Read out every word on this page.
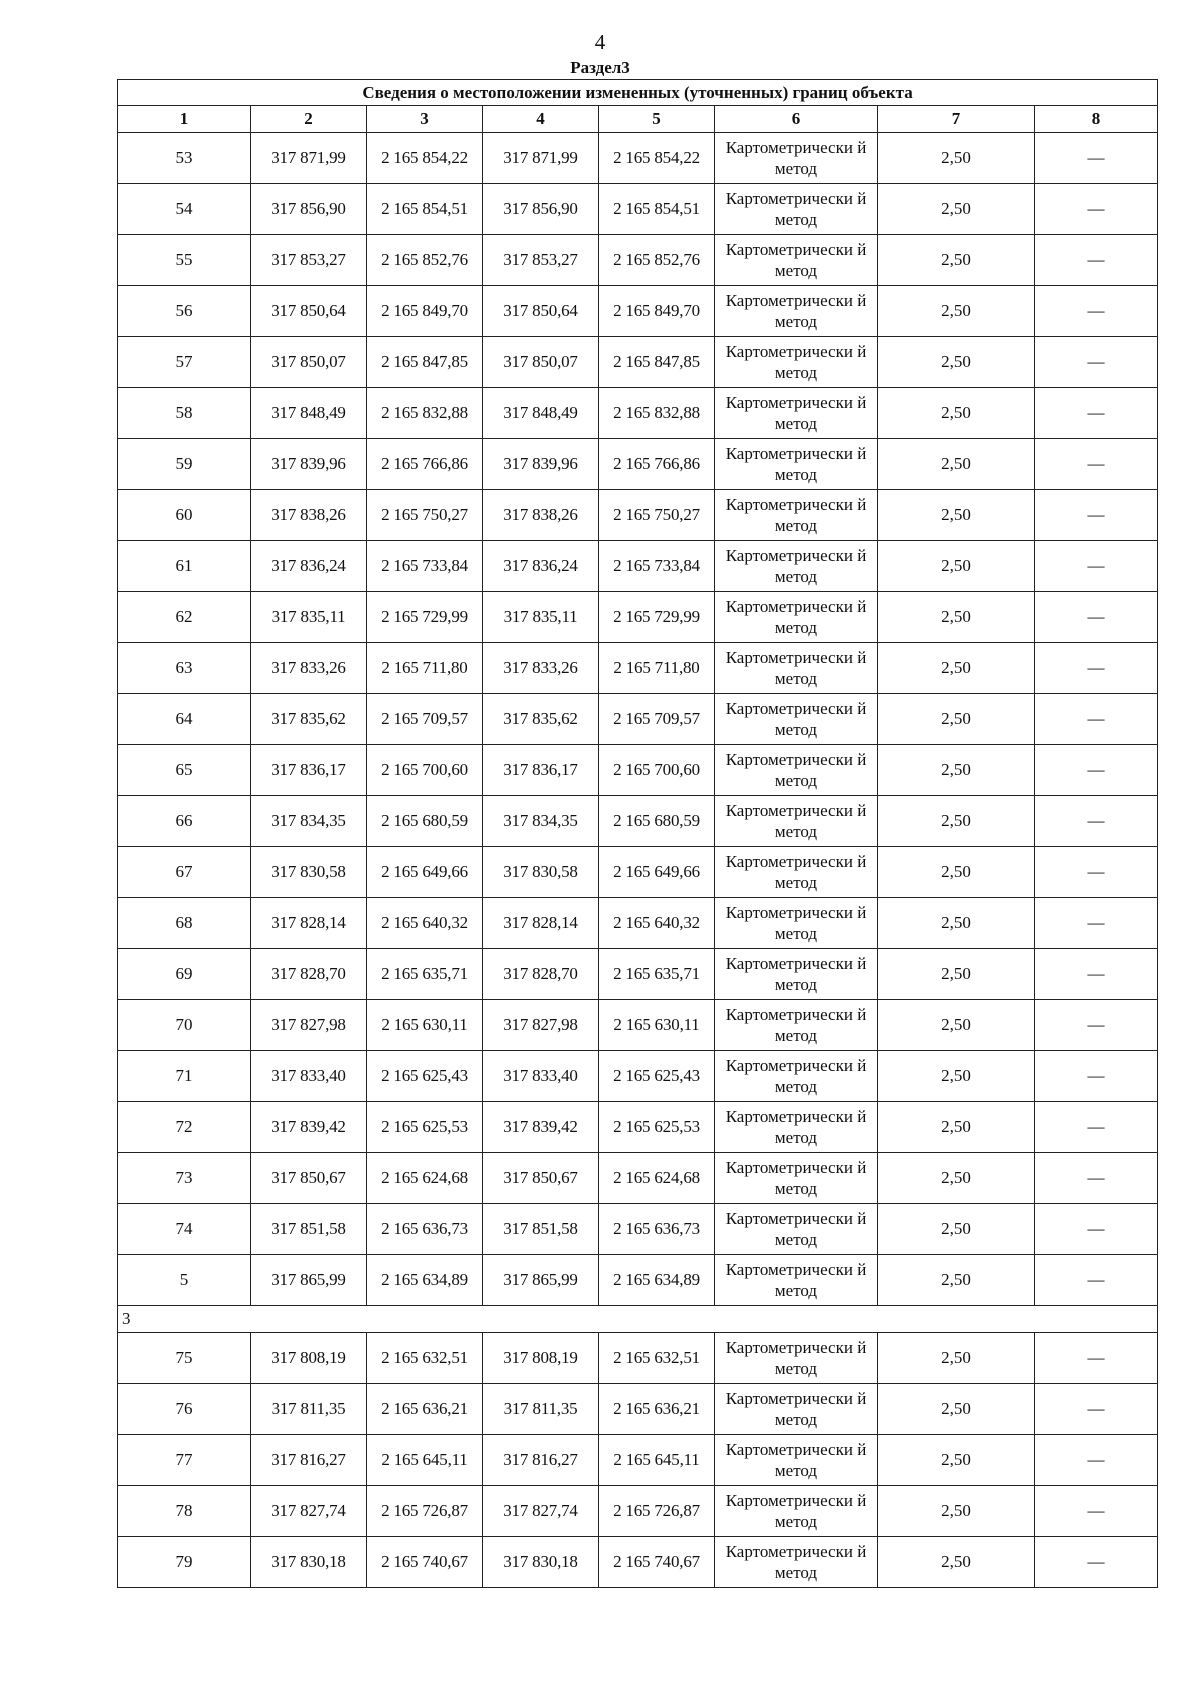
4
Раздел3
Сведения о местоположении измененных (уточненных) границ объекта							
1	2	3	4	5	6	7	8
53	317 871,99	2 165 854,22	317 871,99	2 165 854,22	Картометрически й метод	2,50	—
54	317 856,90	2 165 854,51	317 856,90	2 165 854,51	Картометрически й метод	2,50	—
55	317 853,27	2 165 852,76	317 853,27	2 165 852,76	Картометрически й метод	2,50	—
56	317 850,64	2 165 849,70	317 850,64	2 165 849,70	Картометрически й метод	2,50	—
57	317 850,07	2 165 847,85	317 850,07	2 165 847,85	Картометрически й метод	2,50	—
58	317 848,49	2 165 832,88	317 848,49	2 165 832,88	Картометрически й метод	2,50	—
59	317 839,96	2 165 766,86	317 839,96	2 165 766,86	Картометрически й метод	2,50	—
60	317 838,26	2 165 750,27	317 838,26	2 165 750,27	Картометрически й метод	2,50	—
61	317 836,24	2 165 733,84	317 836,24	2 165 733,84	Картометрически й метод	2,50	—
62	317 835,11	2 165 729,99	317 835,11	2 165 729,99	Картометрически й метод	2,50	—
63	317 833,26	2 165 711,80	317 833,26	2 165 711,80	Картометрически й метод	2,50	—
64	317 835,62	2 165 709,57	317 835,62	2 165 709,57	Картометрически й метод	2,50	—
65	317 836,17	2 165 700,60	317 836,17	2 165 700,60	Картометрически й метод	2,50	—
66	317 834,35	2 165 680,59	317 834,35	2 165 680,59	Картометрически й метод	2,50	—
67	317 830,58	2 165 649,66	317 830,58	2 165 649,66	Картометрически й метод	2,50	—
68	317 828,14	2 165 640,32	317 828,14	2 165 640,32	Картометрически й метод	2,50	—
69	317 828,70	2 165 635,71	317 828,70	2 165 635,71	Картометрически й метод	2,50	—
70	317 827,98	2 165 630,11	317 827,98	2 165 630,11	Картометрически й метод	2,50	—
71	317 833,40	2 165 625,43	317 833,40	2 165 625,43	Картометрически й метод	2,50	—
72	317 839,42	2 165 625,53	317 839,42	2 165 625,53	Картометрически й метод	2,50	—
73	317 850,67	2 165 624,68	317 850,67	2 165 624,68	Картометрически й метод	2,50	—
74	317 851,58	2 165 636,73	317 851,58	2 165 636,73	Картометрически й метод	2,50	—
5	317 865,99	2 165 634,89	317 865,99	2 165 634,89	Картометрически й метод	2,50	—
3							
75	317 808,19	2 165 632,51	317 808,19	2 165 632,51	Картометрически й метод	2,50	—
76	317 811,35	2 165 636,21	317 811,35	2 165 636,21	Картометрически й метод	2,50	—
77	317 816,27	2 165 645,11	317 816,27	2 165 645,11	Картометрически й метод	2,50	—
78	317 827,74	2 165 726,87	317 827,74	2 165 726,87	Картометрически й метод	2,50	—
79	317 830,18	2 165 740,67	317 830,18	2 165 740,67	Картометрически й метод	2,50	—
